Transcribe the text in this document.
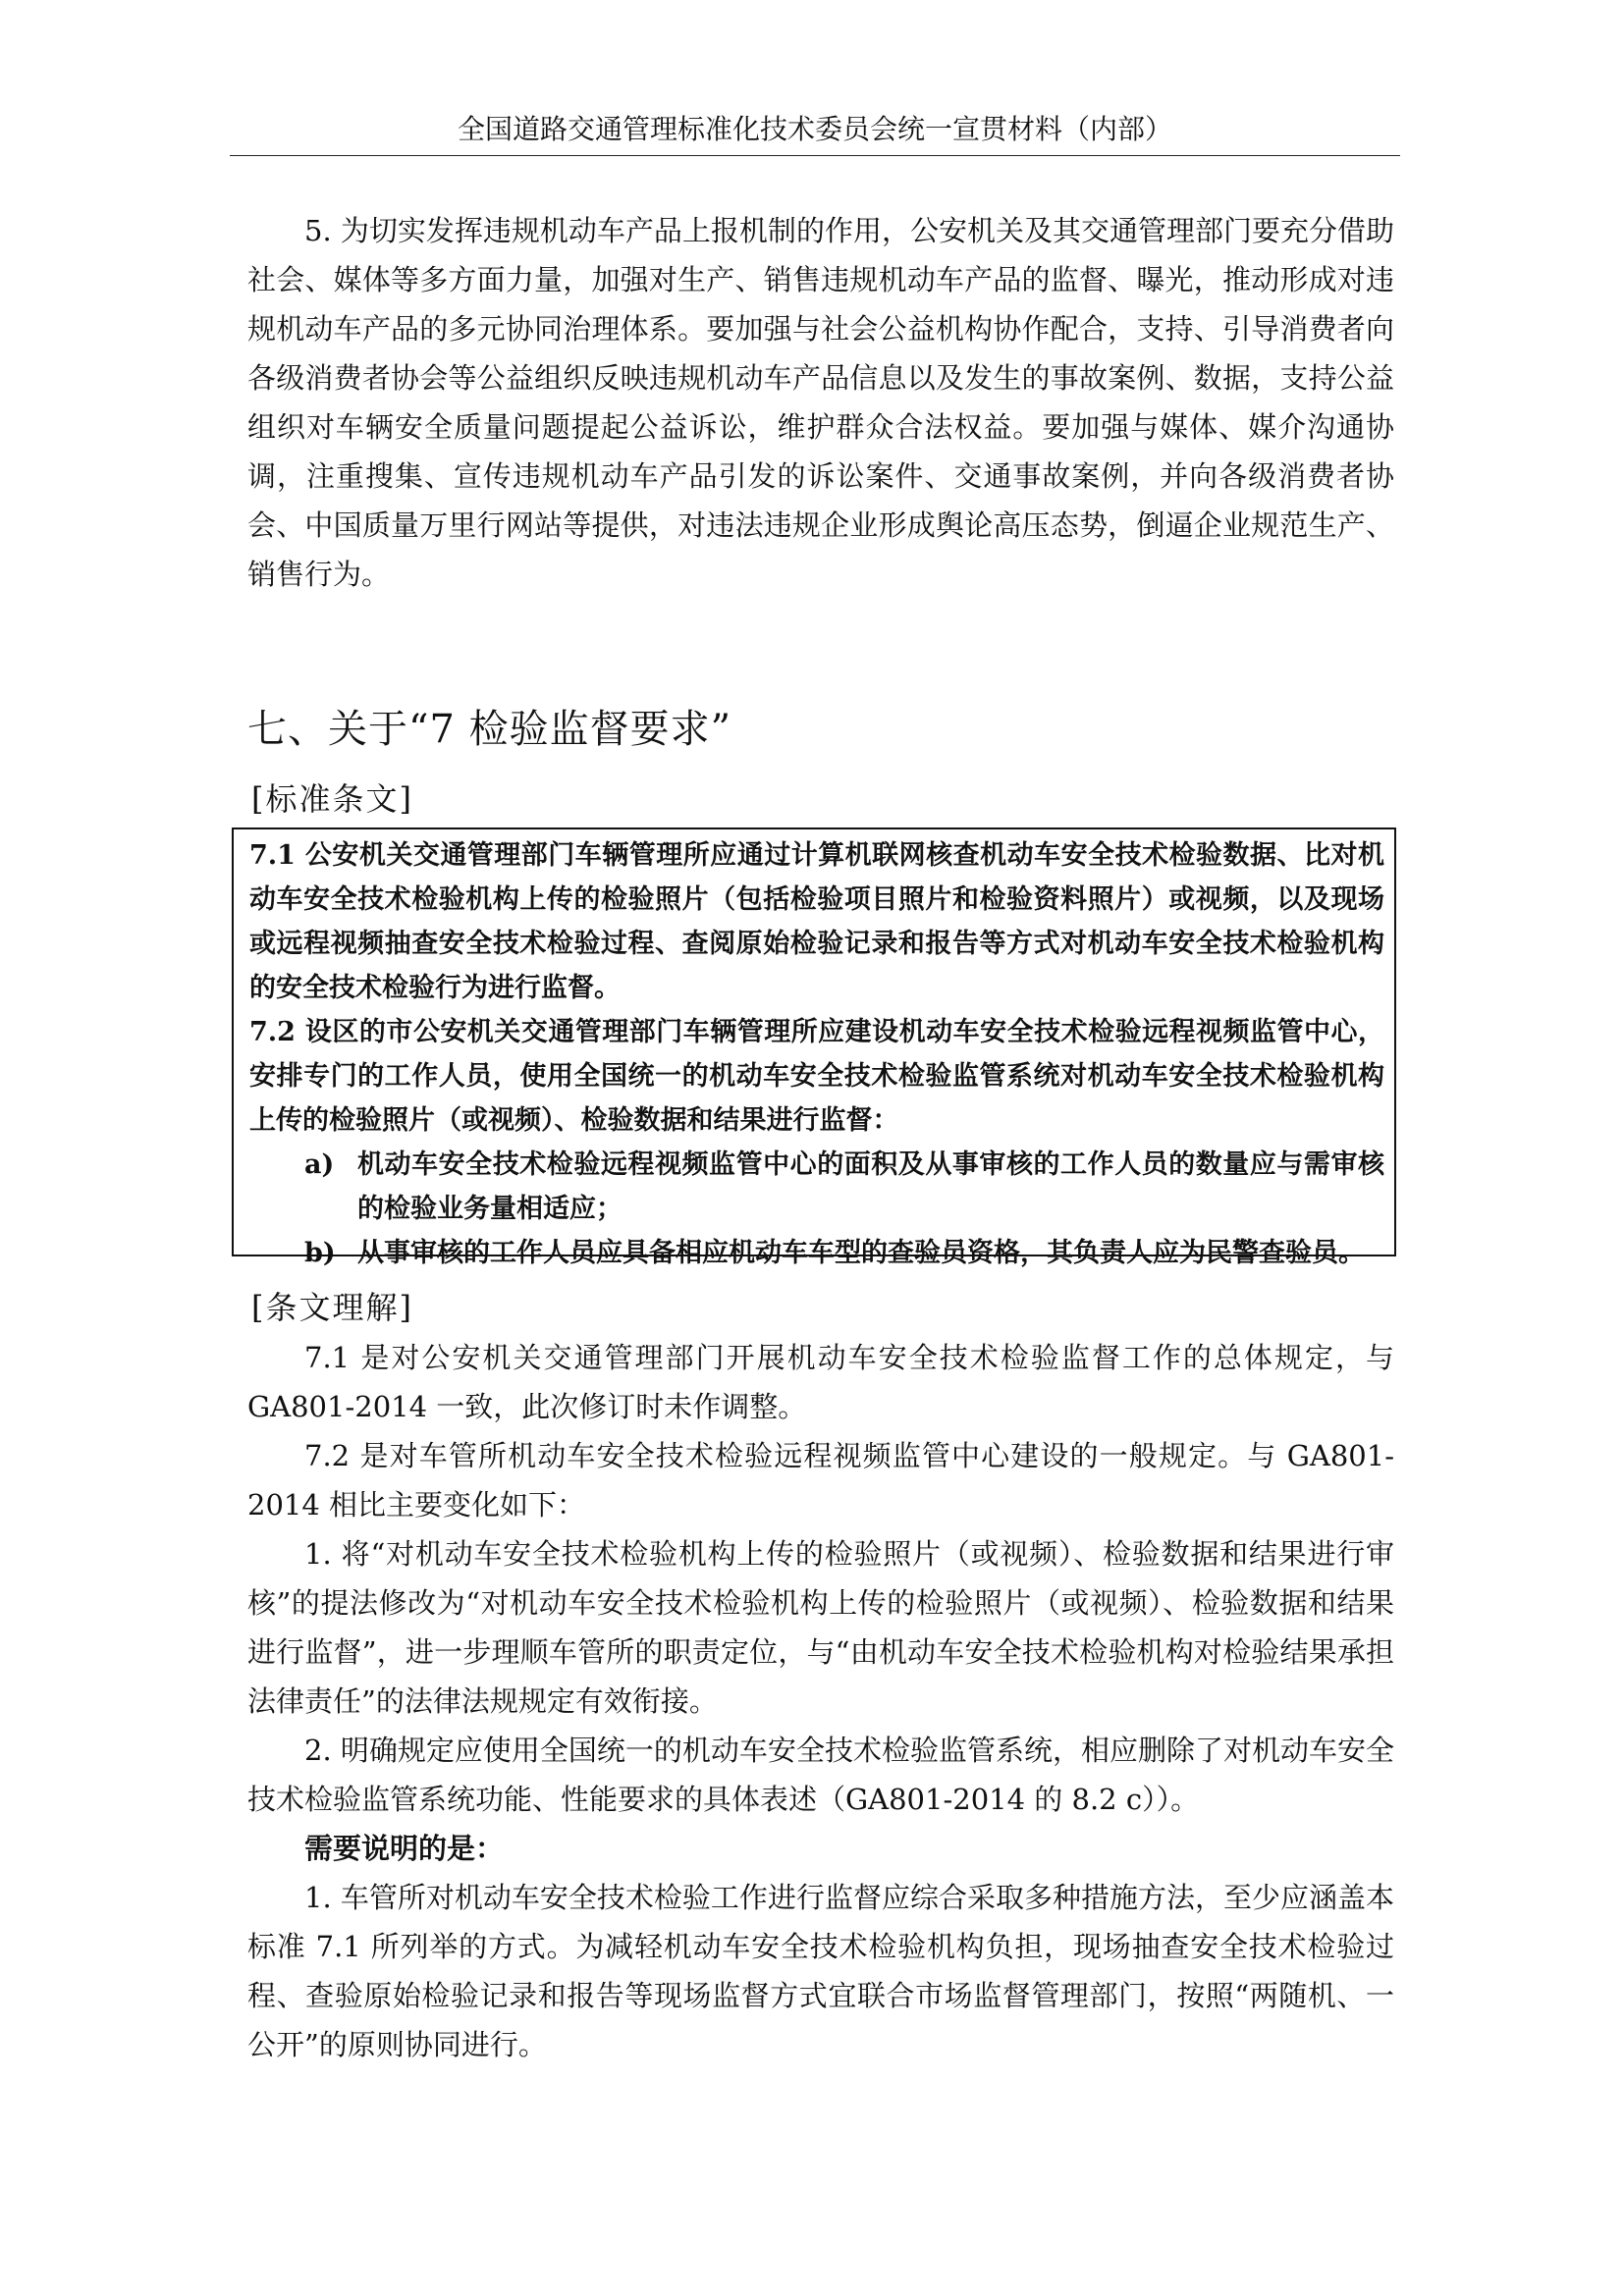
全国道路交通管理标准化技术委员会统一宣贯材料（内部）

5. 为切实发挥违规机动车产品上报机制的作用，公安机关及其交通管理部门要充分借助社会、媒体等多方面力量，加强对生产、销售违规机动车产品的监督、曝光，推动形成对违规机动车产品的多元协同治理体系。要加强与社会公益机构协作配合，支持、引导消费者向各级消费者协会等公益组织反映违规机动车产品信息以及发生的事故案例、数据，支持公益组织对车辆安全质量问题提起公益诉讼，维护群众合法权益。要加强与媒体、媒介沟通协调，注重搜集、宣传违规机动车产品引发的诉讼案件、交通事故案例，并向各级消费者协会、中国质量万里行网站等提供，对违法违规企业形成舆论高压态势，倒逼企业规范生产、销售行为。

七、关于“7 检验监督要求”
[标准条文]

7.1 公安机关交通管理部门车辆管理所应通过计算机联网核查机动车安全技术检验数据、比对机动车安全技术检验机构上传的检验照片（包括检验项目照片和检验资料照片）或视频，以及现场或远程视频抽查安全技术检验过程、查阅原始检验记录和报告等方式对机动车安全技术检验机构的安全技术检验行为进行监督。

7.2 设区的市公安机关交通管理部门车辆管理所应建设机动车安全技术检验远程视频监管中心，安排专门的工作人员，使用全国统一的机动车安全技术检验监管系统对机动车安全技术检验机构上传的检验照片（或视频）、检验数据和结果进行监督：

a) 机动车安全技术检验远程视频监管中心的面积及从事审核的工作人员的数量应与需审核的检验业务量相适应；
b) 从事审核的工作人员应具备相应机动车车型的查验员资格，其负责人应为民警查验员。
[条文理解]

7.1 是对公安机关交通管理部门开展机动车安全技术检验监督工作的总体规定，与 GA801-2014 一致，此次修订时未作调整。

7.2 是对车管所机动车安全技术检验远程视频监管中心建设的一般规定。与 GA801-2014 相比主要变化如下：

1. 将“对机动车安全技术检验机构上传的检验照片（或视频）、检验数据和结果进行审核”的提法修改为“对机动车安全技术检验机构上传的检验照片（或视频）、检验数据和结果进行监督”，进一步理顺车管所的职责定位，与“由机动车安全技术检验机构对检验结果承担法律责任”的法律法规规定有效衔接。

2. 明确规定应使用全国统一的机动车安全技术检验监管系统，相应删除了对机动车安全技术检验监管系统功能、性能要求的具体表述（GA801-2014 的 8.2 c））。

需要说明的是：

1. 车管所对机动车安全技术检验工作进行监督应综合采取多种措施方法，至少应涵盖本标准 7.1 所列举的方式。为减轻机动车安全技术检验机构负担，现场抽查安全技术检验过程、查验原始检验记录和报告等现场监督方式宜联合市场监督管理部门，按照“两随机、一公开”的原则协同进行。
